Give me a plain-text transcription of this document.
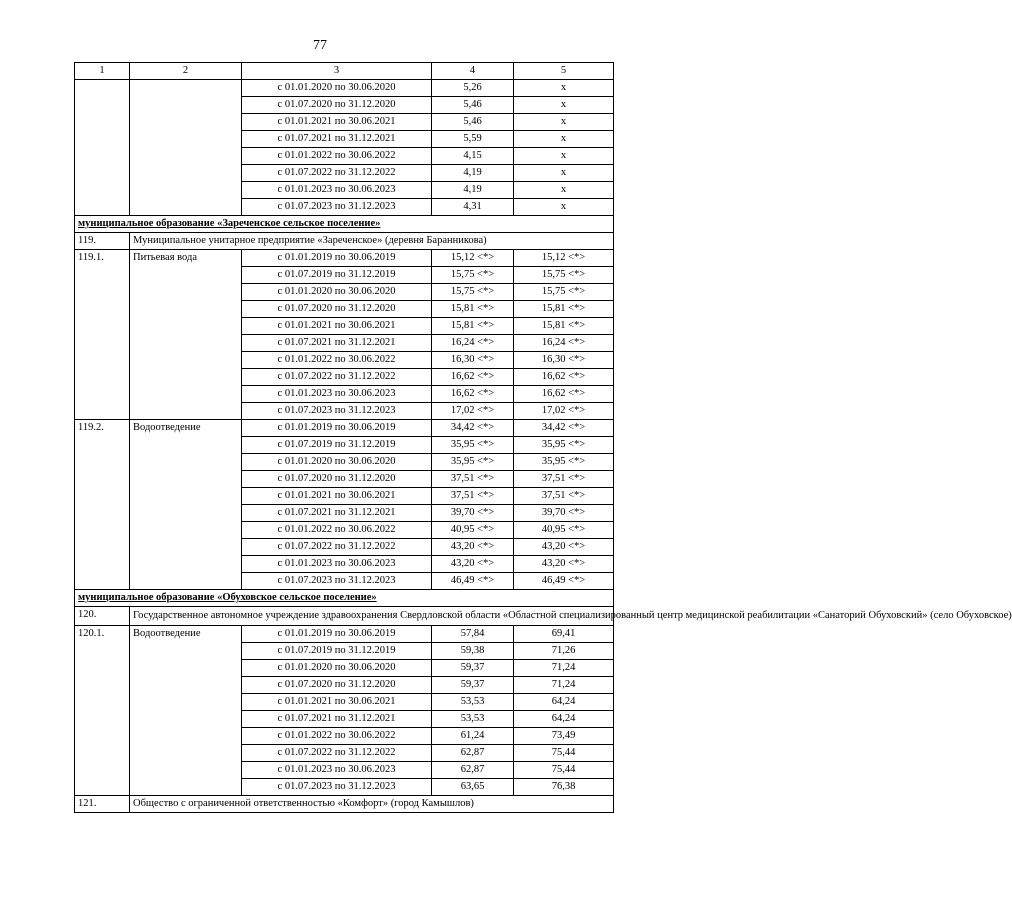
77
1	2	3	4	5
		с 01.01.2020 по 30.06.2020	5,26	х
		с 01.07.2020 по 31.12.2020	5,46	х
		с 01.01.2021 по 30.06.2021	5,46	х
		с 01.07.2021 по 31.12.2021	5,59	х
		с 01.01.2022 по 30.06.2022	4,15	х
		с 01.07.2022 по 31.12.2022	4,19	х
		с 01.01.2023 по 30.06.2023	4,19	х
		с 01.07.2023 по 31.12.2023	4,31	х
муниципальное образование «Зареченское сельское поселение»				
119.	Муниципальное унитарное предприятие «Зареченское» (деревня Баранникова)			
119.1.	Питьевая вода	с 01.01.2019 по 30.06.2019	15,12 <*>	15,12 <*>
		с 01.07.2019 по 31.12.2019	15,75 <*>	15,75 <*>
		с 01.01.2020 по 30.06.2020	15,75 <*>	15,75 <*>
		с 01.07.2020 по 31.12.2020	15,81 <*>	15,81 <*>
		с 01.01.2021 по 30.06.2021	15,81 <*>	15,81 <*>
		с 01.07.2021 по 31.12.2021	16,24 <*>	16,24 <*>
		с 01.01.2022 по 30.06.2022	16,30 <*>	16,30 <*>
		с 01.07.2022 по 31.12.2022	16,62 <*>	16,62 <*>
		с 01.01.2023 по 30.06.2023	16,62 <*>	16,62 <*>
		с 01.07.2023 по 31.12.2023	17,02 <*>	17,02 <*>
119.2.	Водоотведение	с 01.01.2019 по 30.06.2019	34,42 <*>	34,42 <*>
		с 01.07.2019 по 31.12.2019	35,95 <*>	35,95 <*>
		с 01.01.2020 по 30.06.2020	35,95 <*>	35,95 <*>
		с 01.07.2020 по 31.12.2020	37,51 <*>	37,51 <*>
		с 01.01.2021 по 30.06.2021	37,51 <*>	37,51 <*>
		с 01.07.2021 по 31.12.2021	39,70 <*>	39,70 <*>
		с 01.01.2022 по 30.06.2022	40,95 <*>	40,95 <*>
		с 01.07.2022 по 31.12.2022	43,20 <*>	43,20 <*>
		с 01.01.2023 по 30.06.2023	43,20 <*>	43,20 <*>
		с 01.07.2023 по 31.12.2023	46,49 <*>	46,49 <*>
муниципальное образование «Обуховское сельское поселение»				
120.	Государственное автономное учреждение здравоохранения Свердловской области «Областной специализированный центр медицинской реабилитации «Санаторий Обуховский» (село Обуховское)			
120.1.	Водоотведение	с 01.01.2019 по 30.06.2019	57,84	69,41
		с 01.07.2019 по 31.12.2019	59,38	71,26
		с 01.01.2020 по 30.06.2020	59,37	71,24
		с 01.07.2020 по 31.12.2020	59,37	71,24
		с 01.01.2021 по 30.06.2021	53,53	64,24
		с 01.07.2021 по 31.12.2021	53,53	64,24
		с 01.01.2022 по 30.06.2022	61,24	73,49
		с 01.07.2022 по 31.12.2022	62,87	75,44
		с 01.01.2023 по 30.06.2023	62,87	75,44
		с 01.07.2023 по 31.12.2023	63,65	76,38
121.	Общество с ограниченной ответственностью «Комфорт» (город Камышлов)			
